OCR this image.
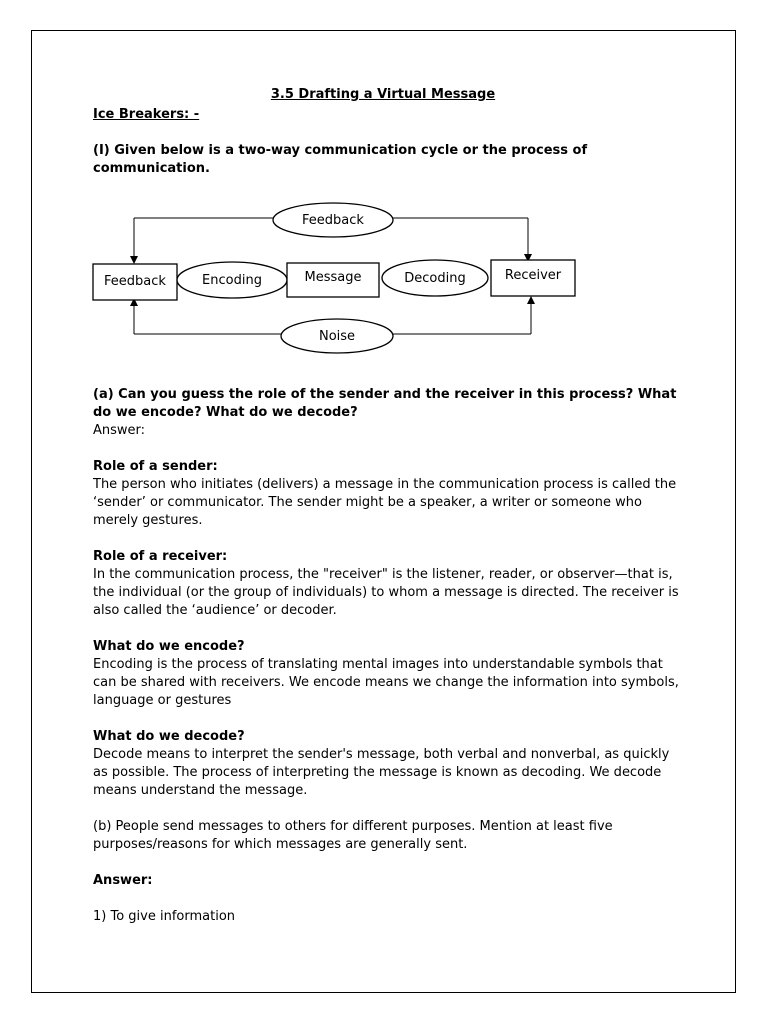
3.5 Drafting a Virtual Message

Ice Breakers: -

(I) Given below is a two-way communication cycle or the process of communication.

Feedback
Feedback	Encoding	Message	Decoding	Receiver
Noise

(a) Can you guess the role of the sender and the receiver in this process? What do we encode? What do we decode?

Answer:

Role of a sender:

The person who initiates (delivers) a message in the communication process is called the ‘sender’ or communicator. The sender might be a speaker, a writer or someone who merely gestures.

Role of a receiver:

In the communication process, the "receiver" is the listener, reader, or observer—that is, the individual (or the group of individuals) to whom a message is directed. The receiver is also called the ‘audience’ or decoder.

What do we encode?

Encoding is the process of translating mental images into understandable symbols that can be shared with receivers. We encode means we change the information into symbols, language or gestures

What do we decode?

Decode means to interpret the sender's message, both verbal and nonverbal, as quickly as possible. The process of interpreting the message is known as decoding. We decode means understand the message.

(b) People send messages to others for different purposes. Mention at least five purposes/reasons for which messages are generally sent.

Answer:

1) To give information
